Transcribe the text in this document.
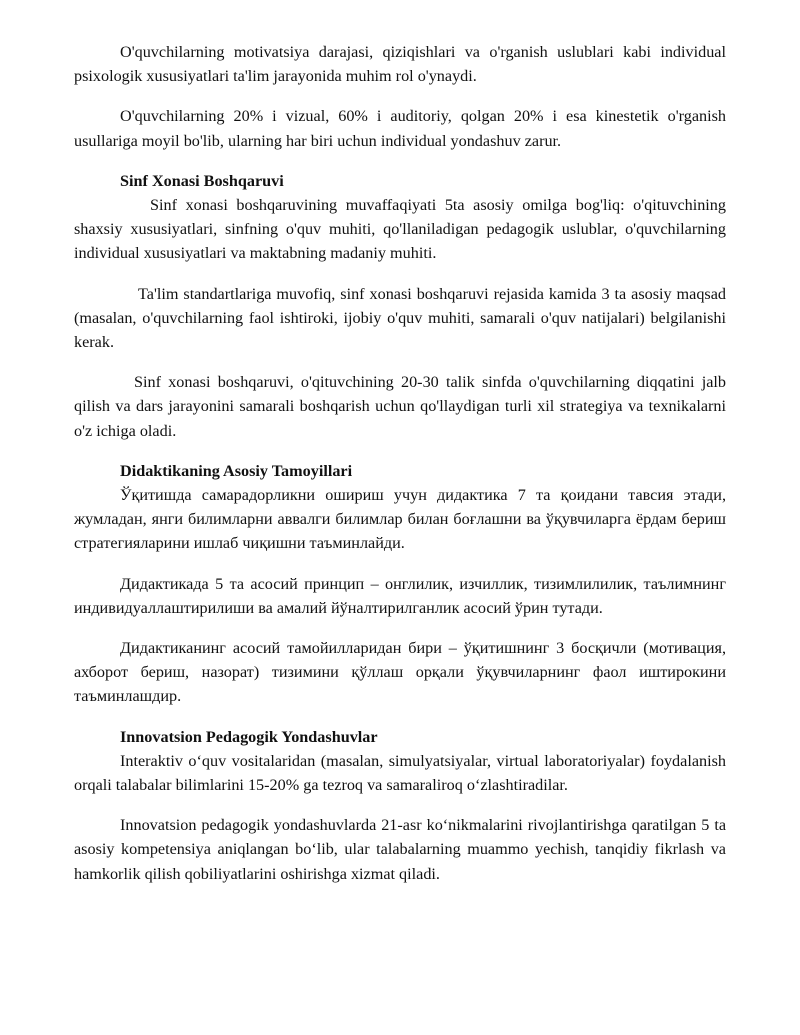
O'quvchilarning motivatsiya darajasi, qiziqishlari va o'rganish uslublari kabi individual psixologik xususiyatlari ta'lim jarayonida muhim rol o'ynaydi.

O'quvchilarning 20% i vizual, 60% i auditoriy, qolgan 20% i esa kinestetik o'rganish usullariga moyil bo'lib, ularning har biri uchun individual yondashuv zarur.

Sinf Xonasi Boshqaruvi

Sinf xonasi boshqaruvining muvaffaqiyati 5ta asosiy omilga bog'liq: o'qituvchining shaxsiy xususiyatlari, sinfning o'quv muhiti, qo'llaniladigan pedagogik uslublar, o'quvchilarning individual xususiyatlari va maktabning madaniy muhiti.

Ta'lim standartlariga muvofiq, sinf xonasi boshqaruvi rejasida kamida 3 ta asosiy maqsad (masalan, o'quvchilarning faol ishtiroki, ijobiy o'quv muhiti, samarali o'quv natijalari) belgilanishi kerak.

Sinf xonasi boshqaruvi, o'qituvchining 20-30 talik sinfda o'quvchilarning diqqatini jalb qilish va dars jarayonini samarali boshqarish uchun qo'llaydigan turli xil strategiya va texnikalarni o'z ichiga oladi.

Didaktikaning Asosiy Tamoyillari

Ўқитишда самарадорликни ошириш учун дидактика 7 та қоидани тавсия этади, жумладан, янги билимларни аввалги билимлар билан боғлашни ва ўқувчиларга ёрдам бериш стратегияларини ишлаб чиқишни таъминлайди.

Дидактикада 5 та асосий принцип – онглилик, изчиллик, тизимлилилик, таълимнинг индивидуаллаштирилиши ва амалий йўналтирилганлик асосий ўрин тутади.

Дидактиканинг асосий тамойилларидан бири – ўқитишнинг 3 босқичли (мотивация, ахборот бериш, назорат) тизимини қўллаш орқали ўқувчиларнинг фаол иштирокини таъминлашдир.

Innovatsion Pedagogik Yondashuvlar

Interaktiv o‘quv vositalaridan (masalan, simulyatsiyalar, virtual laboratoriyalar) foydalanish orqali talabalar bilimlarini 15-20% ga tezroq va samaraliroq o‘zlashtiradilar.

Innovatsion pedagogik yondashuvlarda 21-asr ko‘nikmalarini rivojlantirishga qaratilgan 5 ta asosiy kompetensiya aniqlangan bo‘lib, ular talabalarning muammo yechish, tanqidiy fikrlash va hamkorlik qilish qobiliyatlarini oshirishga xizmat qiladi.
